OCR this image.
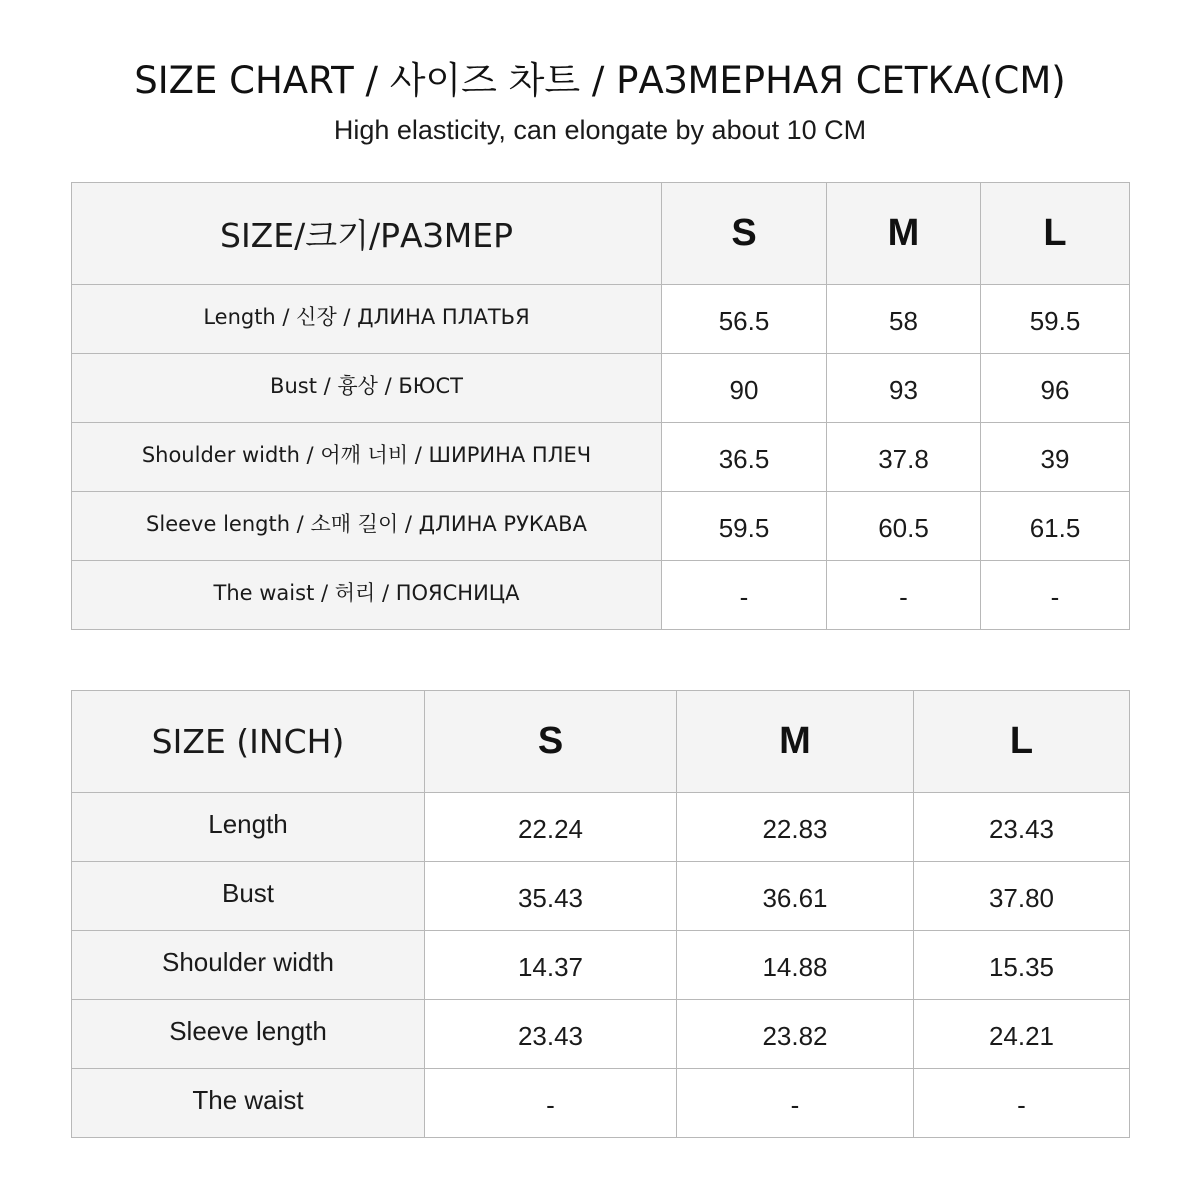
SIZE CHART / 사이즈 차트 / РАЗМЕРНАЯ СЕТКА(CM)
High elasticity, can elongate by about 10 CM
SIZE/크기/РАЗМЕР	S	M	L
Length / 신장 / ДЛИНА ПЛАТЬЯ	56.5	58	59.5
Bust / 흉상 / БЮСТ	90	93	96
Shoulder width / 어깨 너비 / ШИРИНА ПЛЕЧ	36.5	37.8	39
Sleeve length / 소매 길이 / ДЛИНА РУКАВА	59.5	60.5	61.5
The waist / 허리 / ПОЯСНИЦА	-	-	-
SIZE (INCH)	S	M	L
Length	22.24	22.83	23.43
Bust	35.43	36.61	37.80
Shoulder width	14.37	14.88	15.35
Sleeve length	23.43	23.82	24.21
The waist	-	-	-
